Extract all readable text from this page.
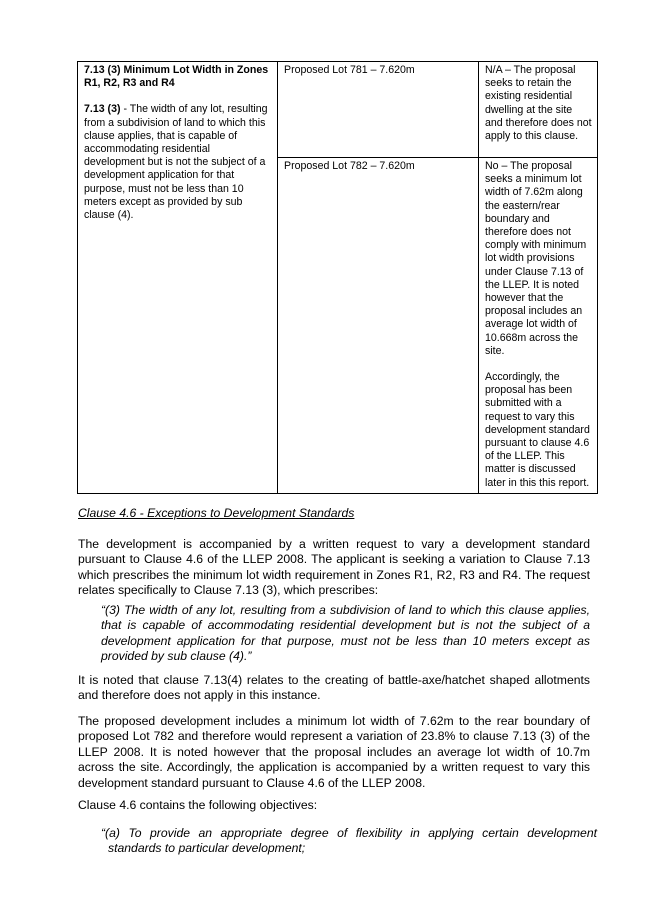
7.13 (3) Minimum Lot Width in Zones R1, R2, R3 and R4

7.13 (3) - The width of any lot, resulting from a subdivision of land to which this clause applies, that is capable of accommodating residential development but is not the subject of a development application for that purpose, must not be less than 10 meters except as provided by sub clause (4).	Proposed Lot 781 – 7.620m	N/A – The proposal seeks to retain the existing residential dwelling at the site and therefore does not apply to this clause.

	Proposed Lot 782 – 7.620m	No – The proposal seeks a minimum lot width of 7.62m along the eastern/rear boundary and therefore does not comply with minimum lot width provisions under Clause 7.13 of the LLEP. It is noted however that the proposal includes an average lot width of 10.668m across the site.

Accordingly, the proposal has been submitted with a request to vary this development standard pursuant to clause 4.6 of the LLEP. This matter is discussed later in this this report.

Clause 4.6 - Exceptions to Development Standards

The development is accompanied by a written request to vary a development standard pursuant to Clause 4.6 of the LLEP 2008. The applicant is seeking a variation to Clause 7.13 which prescribes the minimum lot width requirement in Zones R1, R2, R3 and R4. The request relates specifically to Clause 7.13 (3), which prescribes:

“(3) The width of any lot, resulting from a subdivision of land to which this clause applies, that is capable of accommodating residential development but is not the subject of a development application for that purpose, must not be less than 10 meters except as provided by sub clause (4).”

It is noted that clause 7.13(4) relates to the creating of battle-axe/hatchet shaped allotments and therefore does not apply in this instance.

The proposed development includes a minimum lot width of 7.62m to the rear boundary of proposed Lot 782 and therefore would represent a variation of 23.8% to clause 7.13 (3) of the LLEP 2008. It is noted however that the proposal includes an average lot width of 10.7m across the site. Accordingly, the application is accompanied by a written request to vary this development standard pursuant to Clause 4.6 of the LLEP 2008.

Clause 4.6 contains the following objectives:

“(a) To provide an appropriate degree of flexibility in applying certain development standards to particular development;
